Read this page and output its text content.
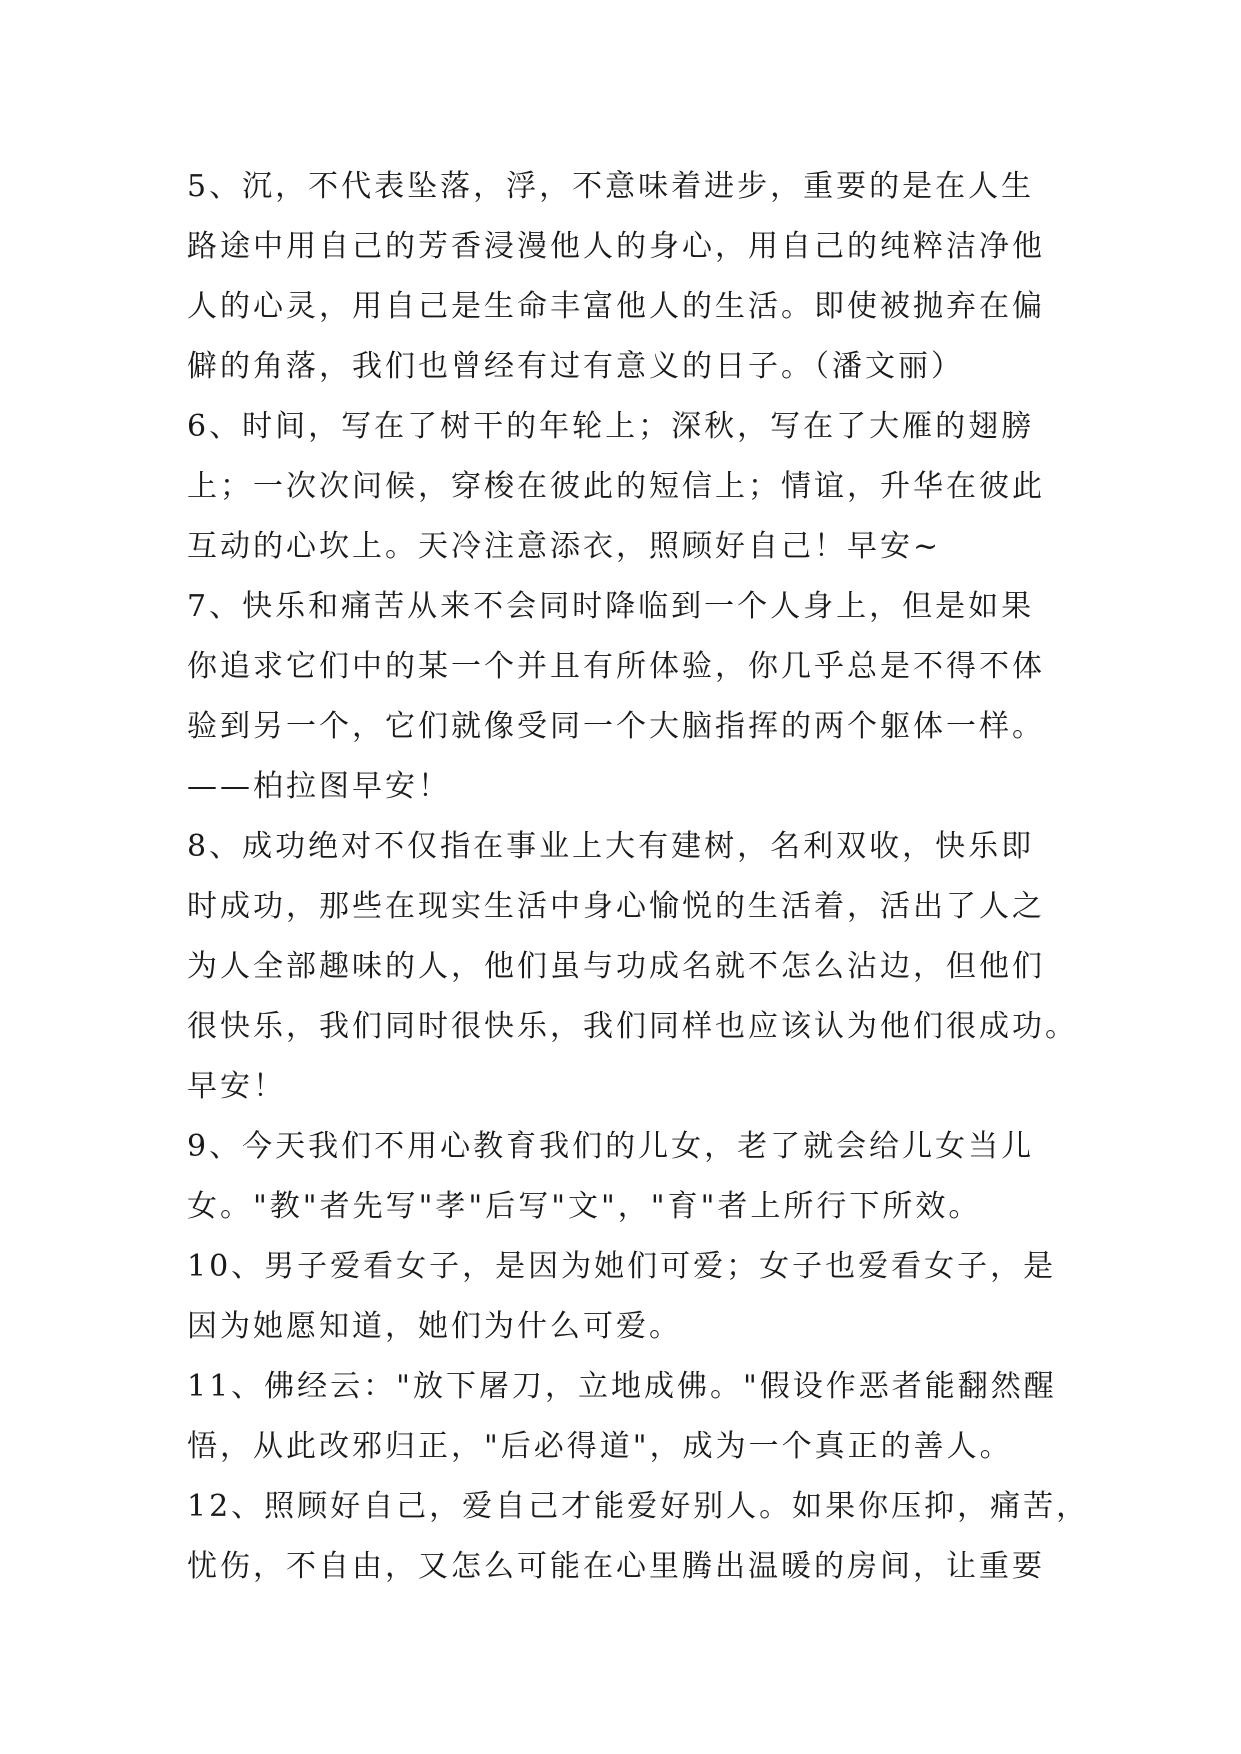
5、沉，不代表坠落，浮，不意味着进步，重要的是在人生
路途中用自己的芳香浸漫他人的身心，用自己的纯粹洁净他
人的心灵，用自己是生命丰富他人的生活。即使被抛弃在偏
僻的角落，我们也曾经有过有意义的日子。（潘文丽）
6、时间，写在了树干的年轮上；深秋，写在了大雁的翅膀
上；一次次问候，穿梭在彼此的短信上；情谊，升华在彼此
互动的心坎上。天冷注意添衣，照顾好自己！早安~
7、快乐和痛苦从来不会同时降临到一个人身上，但是如果
你追求它们中的某一个并且有所体验，你几乎总是不得不体
验到另一个，它们就像受同一个大脑指挥的两个躯体一样。
——柏拉图早安！
8、成功绝对不仅指在事业上大有建树，名利双收，快乐即
时成功，那些在现实生活中身心愉悦的生活着，活出了人之
为人全部趣味的人，他们虽与功成名就不怎么沾边，但他们
很快乐，我们同时很快乐，我们同样也应该认为他们很成功。
早安！
9、今天我们不用心教育我们的儿女，老了就会给儿女当儿
女。"教"者先写"孝"后写"文"，"育"者上所行下所效。
10、男子爱看女子，是因为她们可爱；女子也爱看女子，是
因为她愿知道，她们为什么可爱。
11、佛经云："放下屠刀，立地成佛。"假设作恶者能翻然醒
悟，从此改邪归正，"后必得道"，成为一个真正的善人。
12、照顾好自己，爱自己才能爱好别人。如果你压抑，痛苦，
忧伤，不自由，又怎么可能在心里腾出温暖的房间，让重要
